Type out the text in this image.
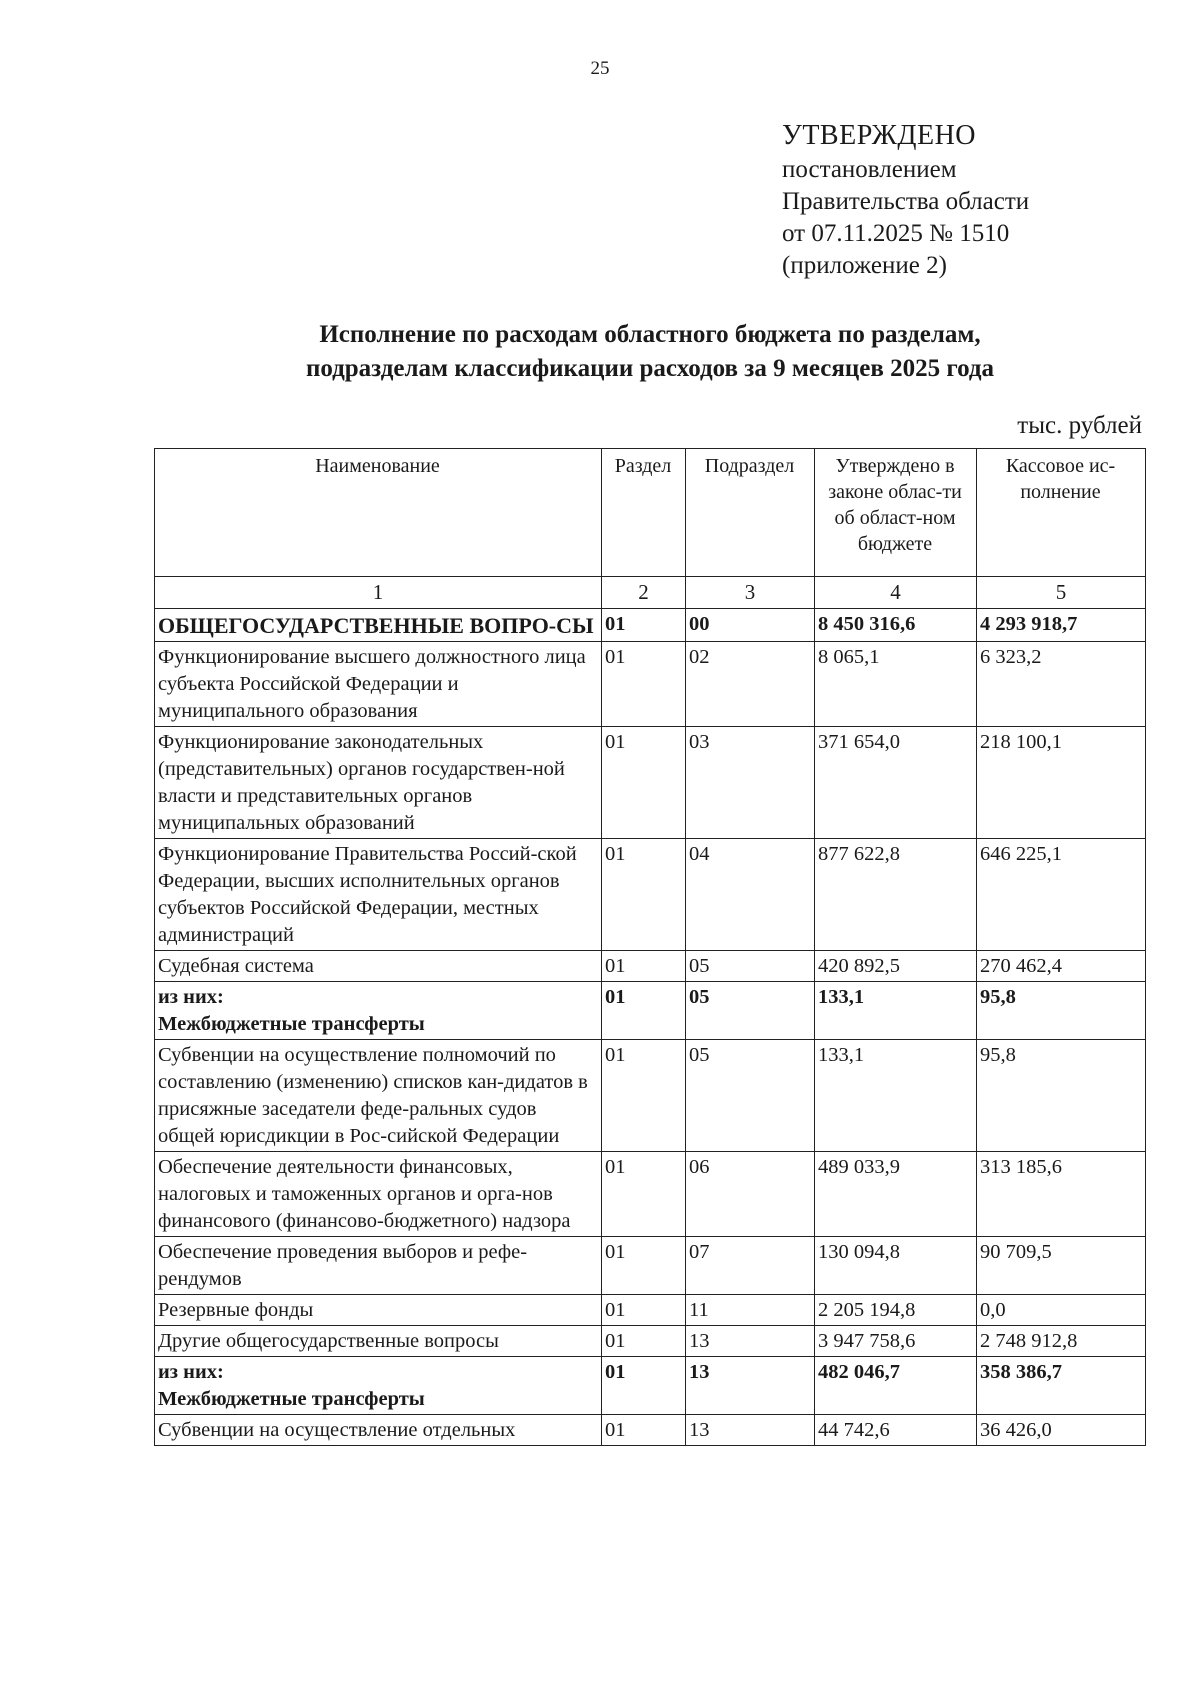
25
УТВЕРЖДЕНО
постановлением
Правительства области
от 07.11.2025 № 1510
(приложение 2)
Исполнение по расходам областного бюджета по разделам,
подразделам классификации расходов за 9 месяцев 2025 года
тыс. рублей
Наименование	Раздел	Подраздел	Утверждено в законе облас-ти об област-ном бюджете	Кассовое ис-полнение
1	2	3	4	5
ОБЩЕГОСУДАРСТВЕННЫЕ ВОПРО-СЫ	01	00	8 450 316,6	4 293 918,7
Функционирование высшего должностного лица субъекта Российской Федерации и муниципального образования	01	02	8 065,1	6 323,2
Функционирование законодательных (представительных) органов государствен-ной власти и представительных органов муниципальных образований	01	03	371 654,0	218 100,1
Функционирование Правительства Россий-ской Федерации, высших исполнительных органов субъектов Российской Федерации, местных администраций	01	04	877 622,8	646 225,1
Судебная система	01	05	420 892,5	270 462,4

из них:
Межбюджетные трансферты	01	05	133,1	95,8
Субвенции на осуществление полномочий по составлению (изменению) списков кан-дидатов в присяжные заседатели феде-ральных судов общей юрисдикции в Рос-сийской Федерации	01	05	133,1	95,8
Обеспечение деятельности финансовых, налоговых и таможенных органов и орга-нов финансового (финансово-бюджетного) надзора	01	06	489 033,9	313 185,6
Обеспечение проведения выборов и рефе-рендумов	01	07	130 094,8	90 709,5
Резервные фонды	01	11	2 205 194,8	0,0
Другие общегосударственные вопросы	01	13	3 947 758,6	2 748 912,8

из них:
Межбюджетные трансферты	01	13	482 046,7	358 386,7
Субвенции на осуществление отдельных	01	13	44 742,6	36 426,0
